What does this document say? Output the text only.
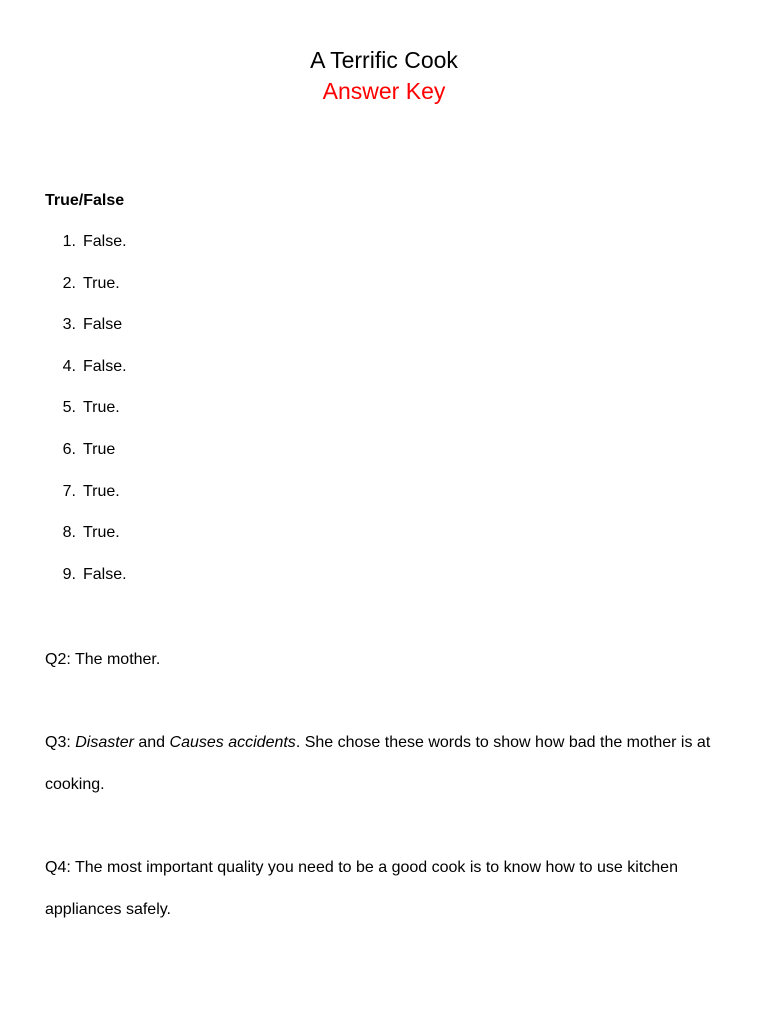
A Terrific Cook
Answer Key
True/False
1. False.
2. True.
3. False
4. False.
5. True.
6. True
7. True.
8. True.
9. False.

Q2: The mother.

Q3: Disaster and Causes accidents. She chose these words to show how bad the mother is at cooking.

Q4: The most important quality you need to be a good cook is to know how to use kitchen appliances safely.
